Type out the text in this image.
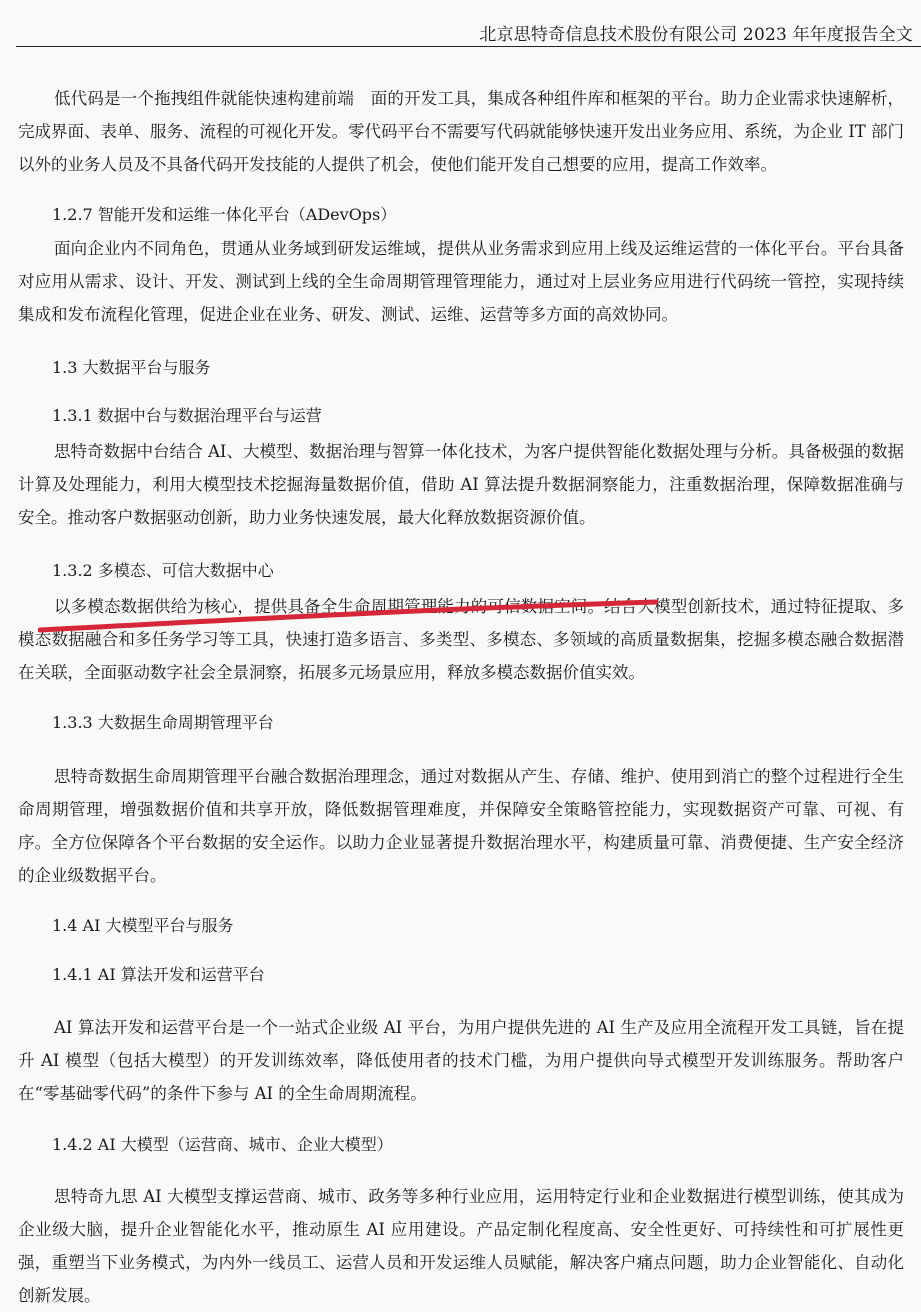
北京思特奇信息技术股份有限公司 2023 年年度报告全文

低代码是一个拖拽组件就能快速构建前端　面的开发工具，集成各种组件库和框架的平台。助力企业需求快速解析，完成界面、表单、服务、流程的可视化开发。零代码平台不需要写代码就能够快速开发出业务应用、系统，为企业 IT 部门以外的业务人员及不具备代码开发技能的人提供了机会，使他们能开发自己想要的应用，提高工作效率。

1.2.7 智能开发和运维一体化平台（ADevOps）

面向企业内不同角色，贯通从业务域到研发运维域，提供从业务需求到应用上线及运维运营的一体化平台。平台具备对应用从需求、设计、开发、测试到上线的全生命周期管理管理能力，通过对上层业务应用进行代码统一管控，实现持续集成和发布流程化管理，促进企业在业务、研发、测试、运维、运营等多方面的高效协同。

1.3 大数据平台与服务
1.3.1 数据中台与数据治理平台与运营

思特奇数据中台结合 AI、大模型、数据治理与智算一体化技术，为客户提供智能化数据处理与分析。具备极强的数据计算及处理能力，利用大模型技术挖掘海量数据价值，借助 AI 算法提升数据洞察能力，注重数据治理，保障数据准确与安全。推动客户数据驱动创新，助力业务快速发展，最大化释放数据资源价值。

1.3.2 多模态、可信大数据中心

以多模态数据供给为核心，提供具备全生命周期管理能力的可信数据空间。结合大模型创新技术，通过特征提取、多模态数据融合和多任务学习等工具，快速打造多语言、多类型、多模态、多领域的高质量数据集，挖掘多模态融合数据潜在关联，全面驱动数字社会全景洞察，拓展多元场景应用，释放多模态数据价值实效。

1.3.3 大数据生命周期管理平台

思特奇数据生命周期管理平台融合数据治理理念，通过对数据从产生、存储、维护、使用到消亡的整个过程进行全生命周期管理，增强数据价值和共享开放，降低数据管理难度，并保障安全策略管控能力，实现数据资产可靠、可视、有序。全方位保障各个平台数据的安全运作。以助力企业显著提升数据治理水平，构建质量可靠、消费便捷、生产安全经济的企业级数据平台。

1.4 AI 大模型平台与服务
1.4.1 AI 算法开发和运营平台

AI 算法开发和运营平台是一个一站式企业级 AI 平台，为用户提供先进的 AI 生产及应用全流程开发工具链，旨在提升 AI 模型（包括大模型）的开发训练效率，降低使用者的技术门槛，为用户提供向导式模型开发训练服务。帮助客户在“零基础零代码”的条件下参与 AI 的全生命周期流程。

1.4.2 AI 大模型（运营商、城市、企业大模型）

思特奇九思 AI 大模型支撑运营商、城市、政务等多种行业应用，运用特定行业和企业数据进行模型训练，使其成为企业级大脑，提升企业智能化水平，推动原生 AI 应用建设。产品定制化程度高、安全性更好、可持续性和可扩展性更强，重塑当下业务模式，为内外一线员工、运营人员和开发运维人员赋能，解决客户痛点问题，助力企业智能化、自动化创新发展。
